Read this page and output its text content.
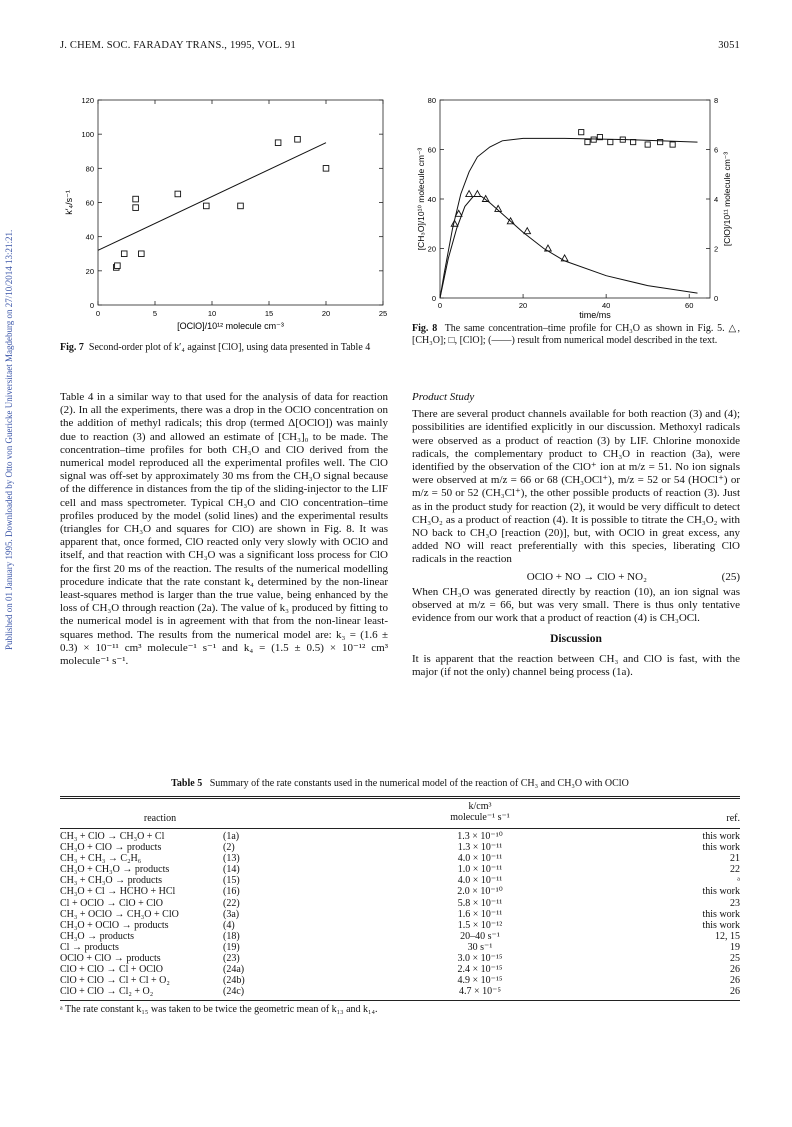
J. CHEM. SOC. FARADAY TRANS., 1995, VOL. 91	3051
Published on 01 January 1995. Downloaded by Otto von Guericke Universitaet Magdeburg on 27/10/2014 13:21:21.	0	5	10	15	20	25
0
20
40
60
80
100
120
[OClO]/10¹² molecule cm⁻³
k′₄/s⁻¹
Fig. 7 Second-order plot of k′₄ against [ClO], using data presented in Table 4
0	20	40	60
0
20
40
60
80
0
2
4
6
8
time/ms
[CH₃O]/10¹⁰ molecule cm⁻³	[ClO]/10¹¹ molecule cm⁻³
Fig. 8 The same concentration–time profile for CH₃O as shown in Fig. 5. △, [CH₃O]; □, [ClO]; (——) result from numerical model described in the text.

Table 4 in a similar way to that used for the analysis of data for reaction (2). In all the experiments, there was a drop in the OClO concentration on the addition of methyl radicals; this drop (termed Δ[OClO]) was mainly due to reaction (3) and allowed an estimate of [CH₃]₀ to be made. The concentration–time profiles for both CH₃O and ClO derived from the numerical model reproduced all the experimental profiles well. The ClO signal was off-set by approximately 30 ms from the CH₃O signal because of the difference in distances from the tip of the sliding-injector to the LIF cell and mass spectrometer. Typical CH₃O and ClO concentration–time profiles produced by the model (solid lines) and the experimental results (triangles for CH₃O and squares for ClO) are shown in Fig. 8. It was apparent that, once formed, ClO reacted only very slowly with OClO and itself, and that reaction with CH₃O was a significant loss process for ClO for the first 20 ms of the reaction. The results of the numerical modelling procedure indicate that the rate constant k₄ determined by the non-linear least-squares method is larger than the true value, being enhanced by the loss of CH₃O through reaction (2a). The value of k₃ produced by fitting to the numerical model is in agreement with that from the non-linear least-squares method. The results from the numerical model are: k₃ = (1.6 ± 0.3) × 10⁻¹¹ cm³ molecule⁻¹ s⁻¹ and k₄ = (1.5 ± 0.5) × 10⁻¹² cm³ molecule⁻¹ s⁻¹.

Product Study

There are several product channels available for both reaction (3) and (4); possibilities are identified explicitly in our discussion. Methoxyl radicals were observed as a product of reaction (3) by LIF. Chlorine monoxide radicals, the complementary product to CH₃O in reaction (3a), were identified by the observation of the ClO⁺ ion at m/z = 51. No ion signals were observed at m/z = 66 or 68 (CH₃OCl⁺), m/z = 52 or 54 (HOCl⁺) or m/z = 50 or 52 (CH₃Cl⁺), the other possible products of reaction (3). Just as in the product study for reaction (2), it would be very difficult to detect CH₃O₂ as a product of reaction (4). It is possible to titrate the CH₃O₂ with NO back to CH₃O [reaction (20)], but, with OClO in great excess, any added NO will react preferentially with this species, liberating ClO radicals in the reaction

OClO + NO → ClO + NO₂	(25)

When CH₃O was generated directly by reaction (10), an ion signal was observed at m/z = 66, but was very small. There is thus only tentative evidence from our work that a product of reaction (4) is CH₃OCl.

Discussion

It is apparent that the reaction between CH₃ and ClO is fast, with the major (if not the only) channel being process (1a).

Table 5 Summary of the rate constants used in the numerical model of the reaction of CH₃ and CH₃O with OClO
k/cm³
molecule⁻¹ s⁻¹
reaction	ref.
CH₃ + ClO → CH₃O + Cl	(1a)	1.3 × 10⁻¹⁰	this work
CH₃O + ClO → products	(2)	1.3 × 10⁻¹¹	this work
CH₃ + CH₃ → C₂H₆	(13)	4.0 × 10⁻¹¹	21
CH₃O + CH₃O → products	(14)	1.0 × 10⁻¹¹	22
CH₃ + CH₃O → products	(15)	4.0 × 10⁻¹¹	ᵃ
CH₃O + Cl → HCHO + HCl	(16)	2.0 × 10⁻¹⁰	this work
Cl + OClO → ClO + ClO	(22)	5.8 × 10⁻¹¹	23
CH₃ + OClO → CH₃O + ClO	(3a)	1.6 × 10⁻¹¹	this work
CH₃O + OClO → products	(4)	1.5 × 10⁻¹²	this work
CH₃O → products	(18)	20–40 s⁻¹	12, 15
Cl → products	(19)	30 s⁻¹	19
OClO + ClO → products	(23)	3.0 × 10⁻¹⁵	25
ClO + ClO → Cl + OClO	(24a)	2.4 × 10⁻¹⁵	26
ClO + ClO → Cl + Cl + O₂	(24b)	4.9 × 10⁻¹⁵	26
ClO + ClO → Cl₂ + O₂	(24c)	4.7 × 10⁻⁵	26
ᵃ The rate constant k₁₅ was taken to be twice the geometric mean of k₁₃ and k₁₄.
